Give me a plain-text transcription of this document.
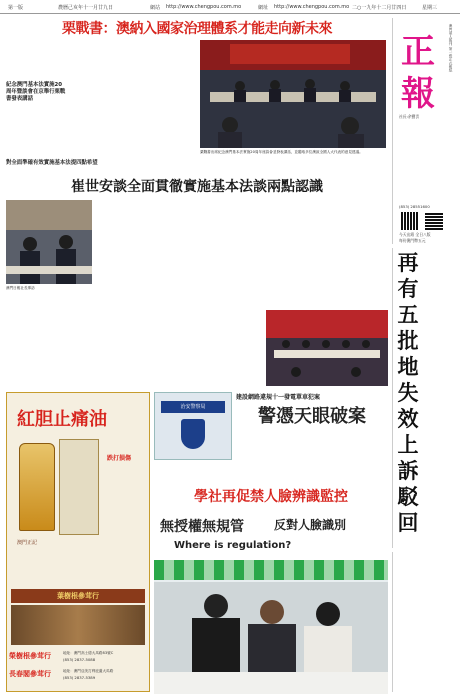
第一版	農曆己亥年十一月廿九日	網站 http://www.chengpou.com.mo	網址 http://www.chengpou.com.mo 二○一九年十二月廿四日	星期三
栗戰書：澳納入國家治理體系才能走向新未來
紀念澳門基本法實施20周年暨談會在京舉行栗戰書發表講話
對全面準確有效實施基本法提四點希望
栗戰書出席紀念澳門基本法實施20周年座談會並發表講話，並聽取多位澳區全國人大代表的意見建議。
正
報
澳門華人報刊 第一張正式報紙
社長:余寶雲
(853) 28551600
今天出紙 全日八版
每份澳門幣五元
崔世安談全面貫徹實施基本法談兩點認識
澳門日報社長專訪
再
有
五
批
地
失
效
上
訴
駁
回
紅胆止痛油
跌打損傷
澳門正記
葉樹根參茸行
榮樹根參茸行	地址：澳門高士德大馬路83號C
(853) 2837-5088
長春閣參茸行	地址：澳門亞美打利庇盧大馬路
(853) 2837-5389
治安警察局
建設網路違規十一發電單車犯案
警憑天眼破案
學社再促禁人臉辨識監控
無授權無規管	反對人臉識別
Where is regulation?
